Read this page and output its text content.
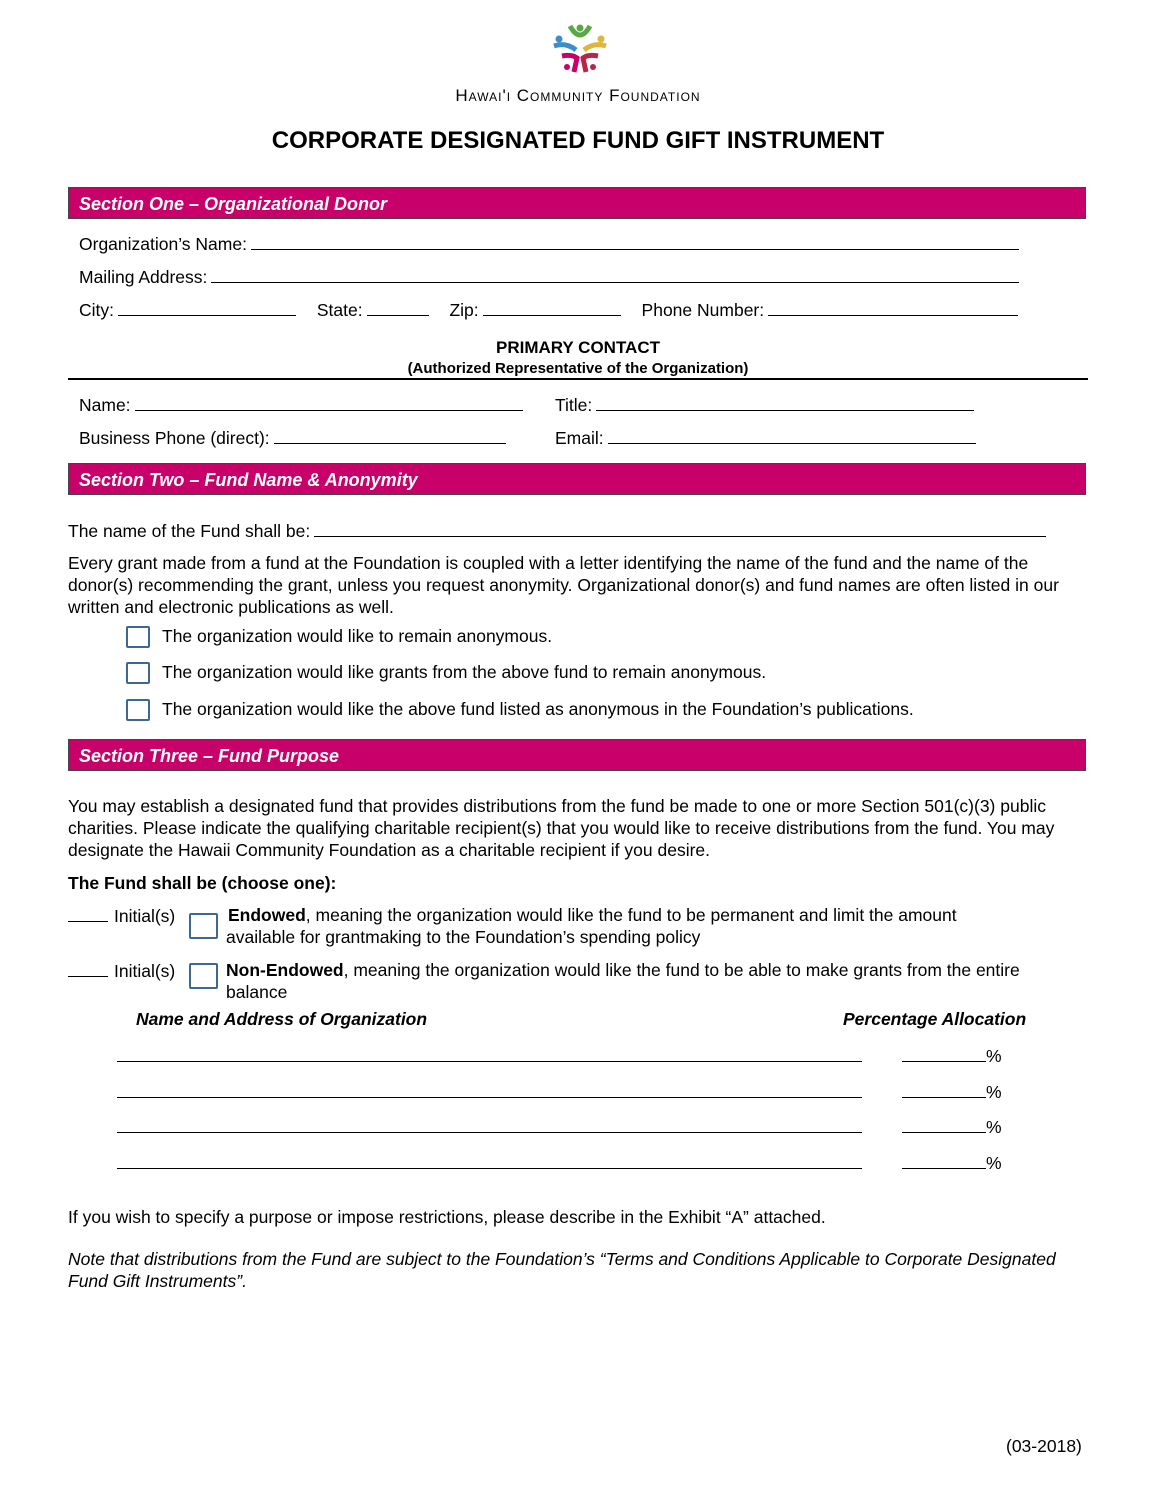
Hawai'i Community Foundation
CORPORATE DESIGNATED FUND GIFT INSTRUMENT
Section One – Organizational Donor
Organization’s Name:
Mailing Address:
City:	State:	Zip:	Phone Number:
PRIMARY CONTACT
(Authorized Representative of the Organization)
Name:	Title:
Business Phone (direct):	Email:
Section Two – Fund Name & Anonymity
The name of the Fund shall be:
Every grant made from a fund at the Foundation is coupled with a letter identifying the name of the fund and the name of the donor(s) recommending the grant, unless you request anonymity. Organizational donor(s) and fund names are often listed in our written and electronic publications as well.
The organization would like to remain anonymous.
The organization would like grants from the above fund to remain anonymous.
The organization would like the above fund listed as anonymous in the Foundation’s publications.
Section Three – Fund Purpose
You may establish a designated fund that provides distributions from the fund be made to one or more Section 501(c)(3) public charities. Please indicate the qualifying charitable recipient(s) that you would like to receive distributions from the fund. You may designate the Hawaii Community Foundation as a charitable recipient if you desire.
The Fund shall be (choose one):
Initial(s)	Endowed, meaning the organization would like the fund to be permanent and limit the amount
available for grantmaking to the Foundation’s spending policy
Initial(s)	Non-Endowed, meaning the organization would like the fund to be able to make grants from the entire
balance
Name and Address of Organization	Percentage Allocation
%
%
%
%
If you wish to specify a purpose or impose restrictions, please describe in the Exhibit “A” attached.
Note that distributions from the Fund are subject to the Foundation’s “Terms and Conditions Applicable to Corporate Designated Fund Gift Instruments”.
(03-2018)
